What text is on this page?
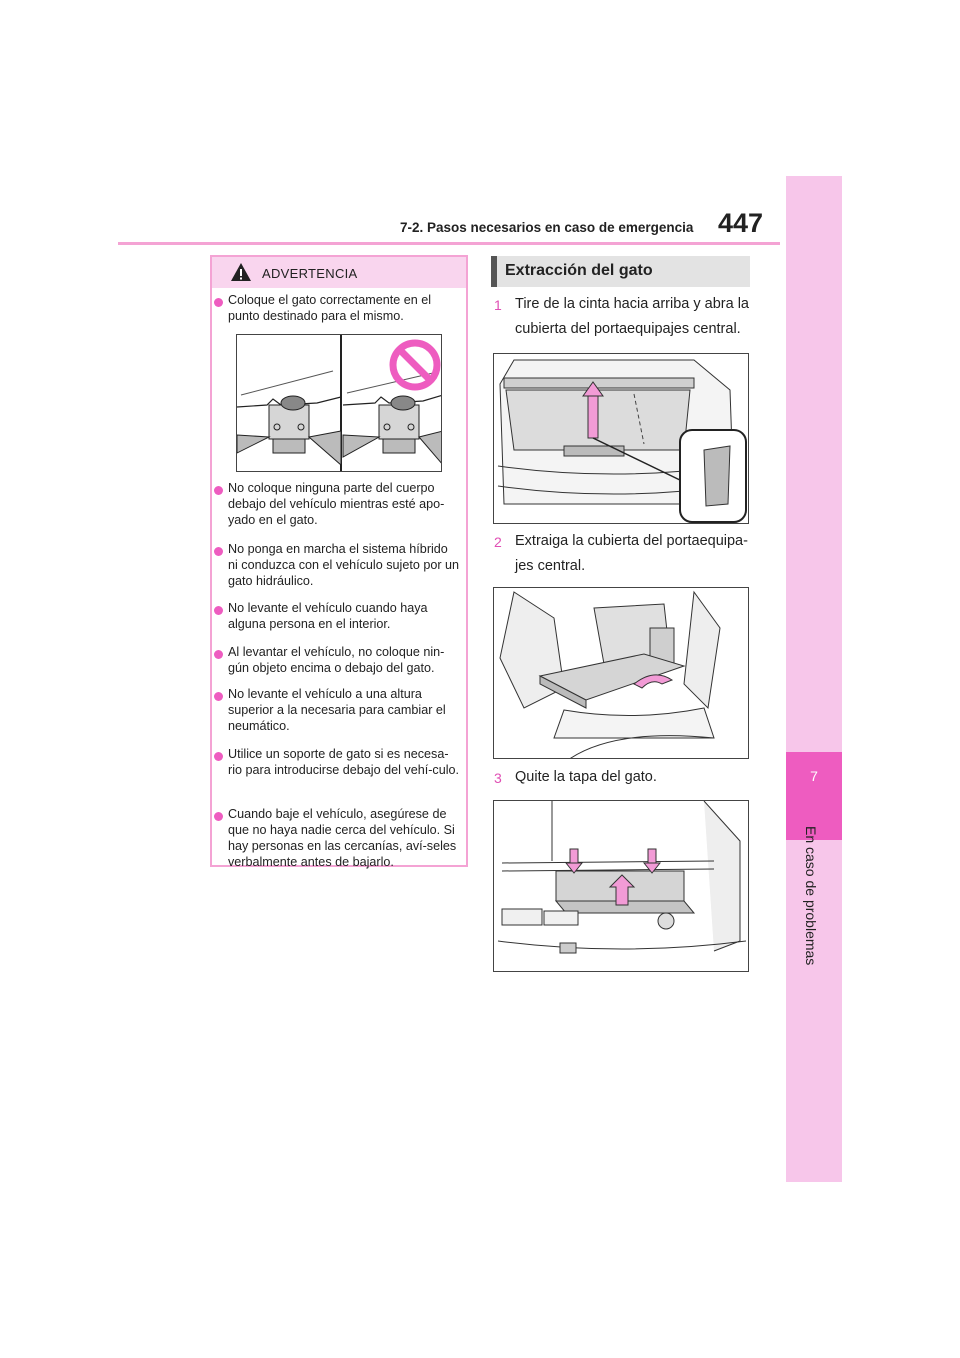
7-2. Pasos necesarios en caso de emergencia 447
7
En caso de problemas
ADVERTENCIA
Coloque el gato correctamente en el punto destinado para el mismo.
No coloque ninguna parte del cuerpo debajo del vehículo mientras esté apo-yado en el gato.
No ponga en marcha el sistema híbrido ni conduzca con el vehículo sujeto por un gato hidráulico.
No levante el vehículo cuando haya alguna persona en el interior.
Al levantar el vehículo, no coloque nin-gún objeto encima o debajo del gato.
No levante el vehículo a una altura superior a la necesaria para cambiar el neumático.
Utilice un soporte de gato si es necesa-rio para introducirse debajo del vehí-culo.
Cuando baje el vehículo, asegúrese de que no haya nadie cerca del vehículo. Si hay personas en las cercanías, aví-seles verbalmente antes de bajarlo.
Extracción del gato
1 Tire de la cinta hacia arriba y abra la
cubierta del portaequipajes central.
2 Extraiga la cubierta del portaequipa-
jes central.
3 Quite la tapa del gato.
